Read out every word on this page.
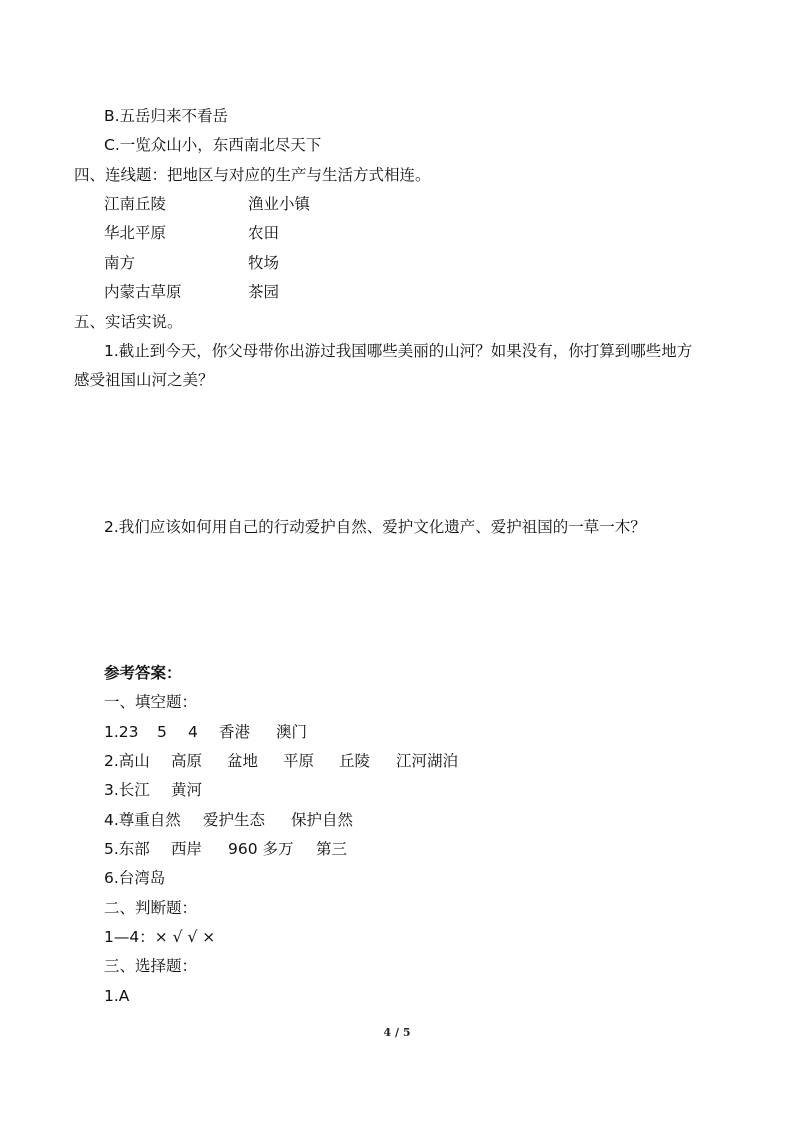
B.五岳归来不看岳
C.一览众山小，东西南北尽天下
四、连线题：把地区与对应的生产与生活方式相连。
江南丘陵	渔业小镇
华北平原	农田
南方	牧场
内蒙古草原	茶园
五、实话实说。
1.截止到今天，你父母带你出游过我国哪些美丽的山河？如果没有，你打算到哪些地方
感受祖国山河之美？
2.我们应该如何用自己的行动爱护自然、爱护文化遗产、爱护祖国的一草一木？
参考答案：
一、填空题：
1.23 5 4 香港 澳门
2.高山 高原 盆地 平原 丘陵 江河湖泊
3.长江 黄河
4.尊重自然 爱护生态 保护自然
5.东部 西岸 960 多万 第三
6.台湾岛
二、判断题：
1—4：× √ √ ×
三、选择题：
1.A
4 / 5
